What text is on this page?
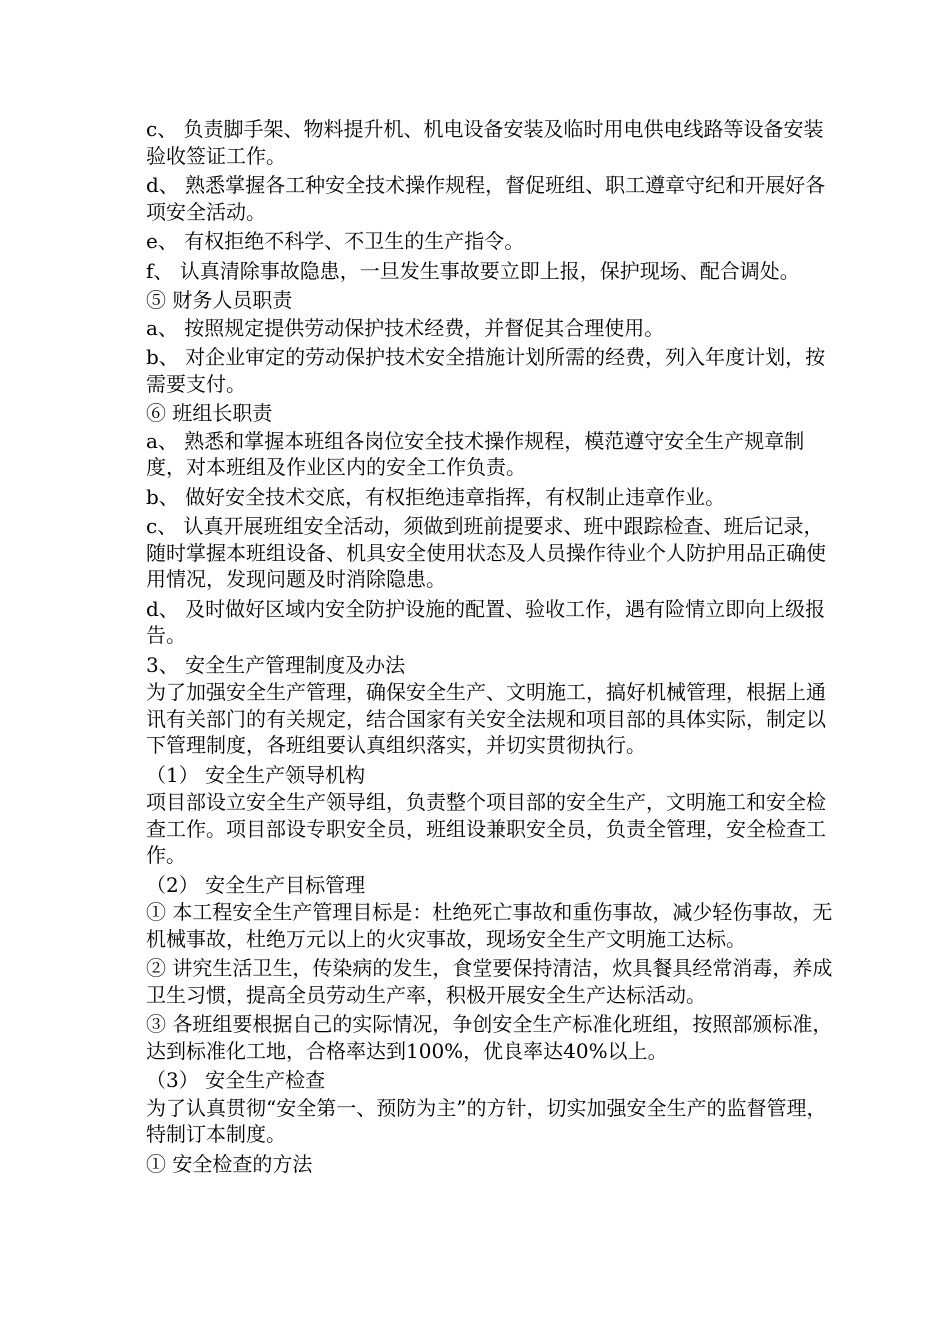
c、 负责脚手架、物料提升机、机电设备安装及临时用电供电线路等设备安装验收签证工作。

d、 熟悉掌握各工种安全技术操作规程，督促班组、职工遵章守纪和开展好各项安全活动。

e、 有权拒绝不科学、不卫生的生产指令。

f、 认真清除事故隐患，一旦发生事故要立即上报，保护现场、配合调处。

⑤ 财务人员职责

a、 按照规定提供劳动保护技术经费，并督促其合理使用。

b、 对企业审定的劳动保护技术安全措施计划所需的经费，列入年度计划，按需要支付。

⑥ 班组长职责

a、 熟悉和掌握本班组各岗位安全技术操作规程，模范遵守安全生产规章制度，对本班组及作业区内的安全工作负责。

b、 做好安全技术交底，有权拒绝违章指挥，有权制止违章作业。

c、 认真开展班组安全活动，须做到班前提要求、班中跟踪检查、班后记录，随时掌握本班组设备、机具安全使用状态及人员操作待业个人防护用品正确使用情况，发现问题及时消除隐患。

d、 及时做好区域内安全防护设施的配置、验收工作，遇有险情立即向上级报告。

3、 安全生产管理制度及办法

为了加强安全生产管理，确保安全生产、文明施工，搞好机械管理，根据上通讯有关部门的有关规定，结合国家有关安全法规和项目部的具体实际，制定以下管理制度，各班组要认真组织落实，并切实贯彻执行。

（1） 安全生产领导机构

项目部设立安全生产领导组，负责整个项目部的安全生产，文明施工和安全检查工作。项目部设专职安全员，班组设兼职安全员，负责全管理，安全检查工作。

（2） 安全生产目标管理

① 本工程安全生产管理目标是：杜绝死亡事故和重伤事故，减少轻伤事故，无机械事故，杜绝万元以上的火灾事故，现场安全生产文明施工达标。

② 讲究生活卫生，传染病的发生，食堂要保持清洁，炊具餐具经常消毒，养成卫生习惯，提高全员劳动生产率，积极开展安全生产达标活动。

③ 各班组要根据自己的实际情况，争创安全生产标准化班组，按照部颁标准，达到标准化工地，合格率达到100%，优良率达40%以上。

（3） 安全生产检查

为了认真贯彻“安全第一、预防为主”的方针，切实加强安全生产的监督管理，特制订本制度。

① 安全检查的方法
